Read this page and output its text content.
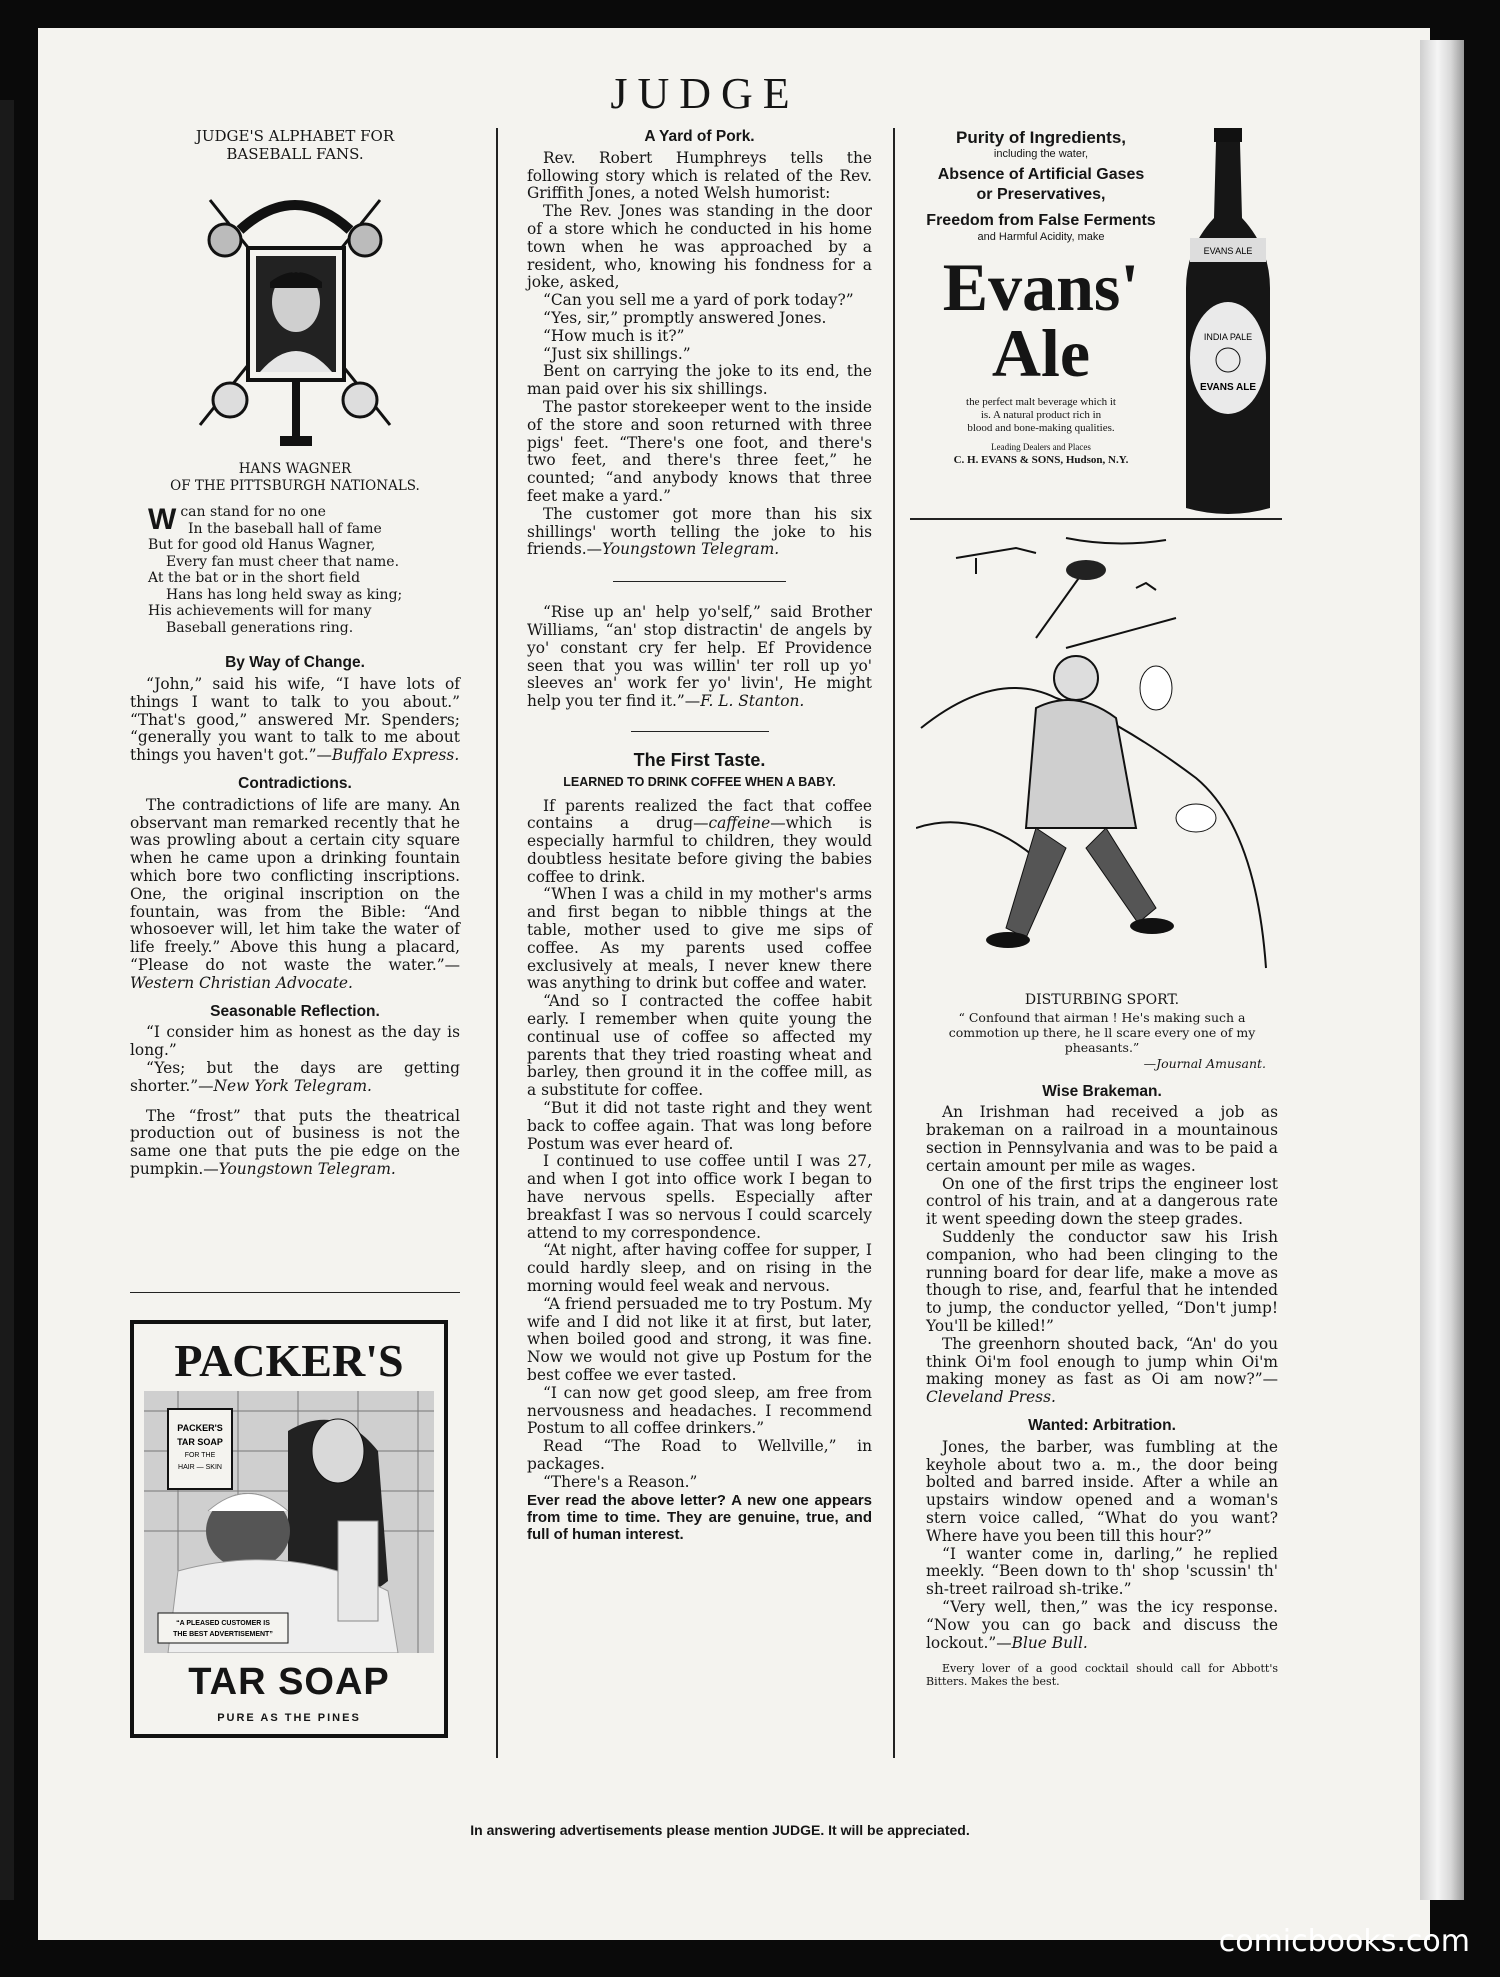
JUDGE
JUDGE'S ALPHABET FOR
BASEBALL FANS.
HANS WAGNER
OF THE PITTSBURGH NATIONALS.
W can stand for no one
In the baseball hall of fame
But for good old Hanus Wagner,
Every fan must cheer that name.
At the bat or in the short field
Hans has long held sway as king;
His achievements will for many
Baseball generations ring.
By Way of Change.

“John,” said his wife, “I have lots of things I want to talk to you about.” “That's good,” answered Mr. Spenders; “generally you want to talk to me about things you haven't got.”—Buffalo Express.

Contradictions.

The contradictions of life are many. An observant man remarked recently that he was prowling about a certain city square when he came upon a drinking fountain which bore two conflicting inscriptions. One, the original inscription on the fountain, was from the Bible: “And whosoever will, let him take the water of life freely.” Above this hung a placard, “Please do not waste the water.”—Western Christian Advocate.

Seasonable Reflection.

“I consider him as honest as the day is long.”

“Yes; but the days are getting shorter.”—New York Telegram.

The “frost” that puts the theatrical production out of business is not the same one that puts the pie edge on the pumpkin.—Youngstown Telegram.

PACKER'S
PACKER'S
TAR SOAP
FOR THE
HAIR — SKIN
“A PLEASED CUSTOMER IS
THE BEST ADVERTISEMENT”
TAR SOAP
PURE AS THE PINES
A Yard of Pork.

Rev. Robert Humphreys tells the following story which is related of the Rev. Griffith Jones, a noted Welsh humorist:

The Rev. Jones was standing in the door of a store which he conducted in his home town when he was approached by a resident, who, knowing his fondness for a joke, asked,

“Can you sell me a yard of pork today?”

“Yes, sir,” promptly answered Jones.

“How much is it?”

“Just six shillings.”

Bent on carrying the joke to its end, the man paid over his six shillings.

The pastor storekeeper went to the inside of the store and soon returned with three pigs' feet. “There's one foot, and there's two feet, and there's three feet,” he counted; “and anybody knows that three feet make a yard.”

The customer got more than his six shillings' worth telling the joke to his friends.—Youngstown Telegram.

“Rise up an' help yo'self,” said Brother Williams, “an' stop distractin' de angels by yo' constant cry fer help. Ef Providence seen that you was willin' ter roll up yo' sleeves an' work fer yo' livin', He might help you ter find it.”—F. L. Stanton.

The First Taste.
LEARNED TO DRINK COFFEE WHEN A BABY.

If parents realized the fact that coffee contains a drug—caffeine—which is especially harmful to children, they would doubtless hesitate before giving the babies coffee to drink.

“When I was a child in my mother's arms and first began to nibble things at the table, mother used to give me sips of coffee. As my parents used coffee exclusively at meals, I never knew there was anything to drink but coffee and water.

“And so I contracted the coffee habit early. I remember when quite young the continual use of coffee so affected my parents that they tried roasting wheat and barley, then ground it in the coffee mill, as a substitute for coffee.

“But it did not taste right and they went back to coffee again. That was long before Postum was ever heard of.

I continued to use coffee until I was 27, and when I got into office work I began to have nervous spells. Especially after breakfast I was so nervous I could scarcely attend to my correspondence.

“At night, after having coffee for supper, I could hardly sleep, and on rising in the morning would feel weak and nervous.

“A friend persuaded me to try Postum. My wife and I did not like it at first, but later, when boiled good and strong, it was fine. Now we would not give up Postum for the best coffee we ever tasted.

“I can now get good sleep, am free from nervousness and headaches. I recommend Postum to all coffee drinkers.”

Read “The Road to Wellville,” in packages.

“There's a Reason.”

Ever read the above letter? A new one appears from time to time. They are genuine, true, and full of human interest.

Purity of Ingredients,
including the water,
Absence of Artificial Gases
or Preservatives,
Freedom from False Ferments
and Harmful Acidity, make
Evans'
Ale
the perfect malt beverage which it
is. A natural product rich in
blood and bone-making qualities.
Leading Dealers and Places
C. H. EVANS & SONS, Hudson, N.Y.
EVANS ALE
INDIA PALE
EVANS ALE
DISTURBING SPORT.
“ Confound that airman ! He's making such a commotion up there, he ll scare every one of my pheasants.”
—Journal Amusant.
Wise Brakeman.

An Irishman had received a job as brakeman on a railroad in a mountainous section in Pennsylvania and was to be paid a certain amount per mile as wages.

On one of the first trips the engineer lost control of his train, and at a dangerous rate it went speeding down the steep grades.

Suddenly the conductor saw his Irish companion, who had been clinging to the running board for dear life, make a move as though to rise, and, fearful that he intended to jump, the conductor yelled, “Don't jump! You'll be killed!”

The greenhorn shouted back, “An' do you think Oi'm fool enough to jump whin Oi'm making money as fast as Oi am now?”—Cleveland Press.

Wanted: Arbitration.

Jones, the barber, was fumbling at the keyhole about two a. m., the door being bolted and barred inside. After a while an upstairs window opened and a woman's stern voice called, “What do you want? Where have you been till this hour?”

“I wanter come in, darling,” he replied meekly. “Been down to th' shop 'scussin' th' sh-treet railroad sh-trike.”

“Very well, then,” was the icy response. “Now you can go back and discuss the lockout.”—Blue Bull.

Every lover of a good cocktail should call for Abbott's Bitters. Makes the best.

In answering advertisements please mention JUDGE. It will be appreciated.
comicbooks.com
